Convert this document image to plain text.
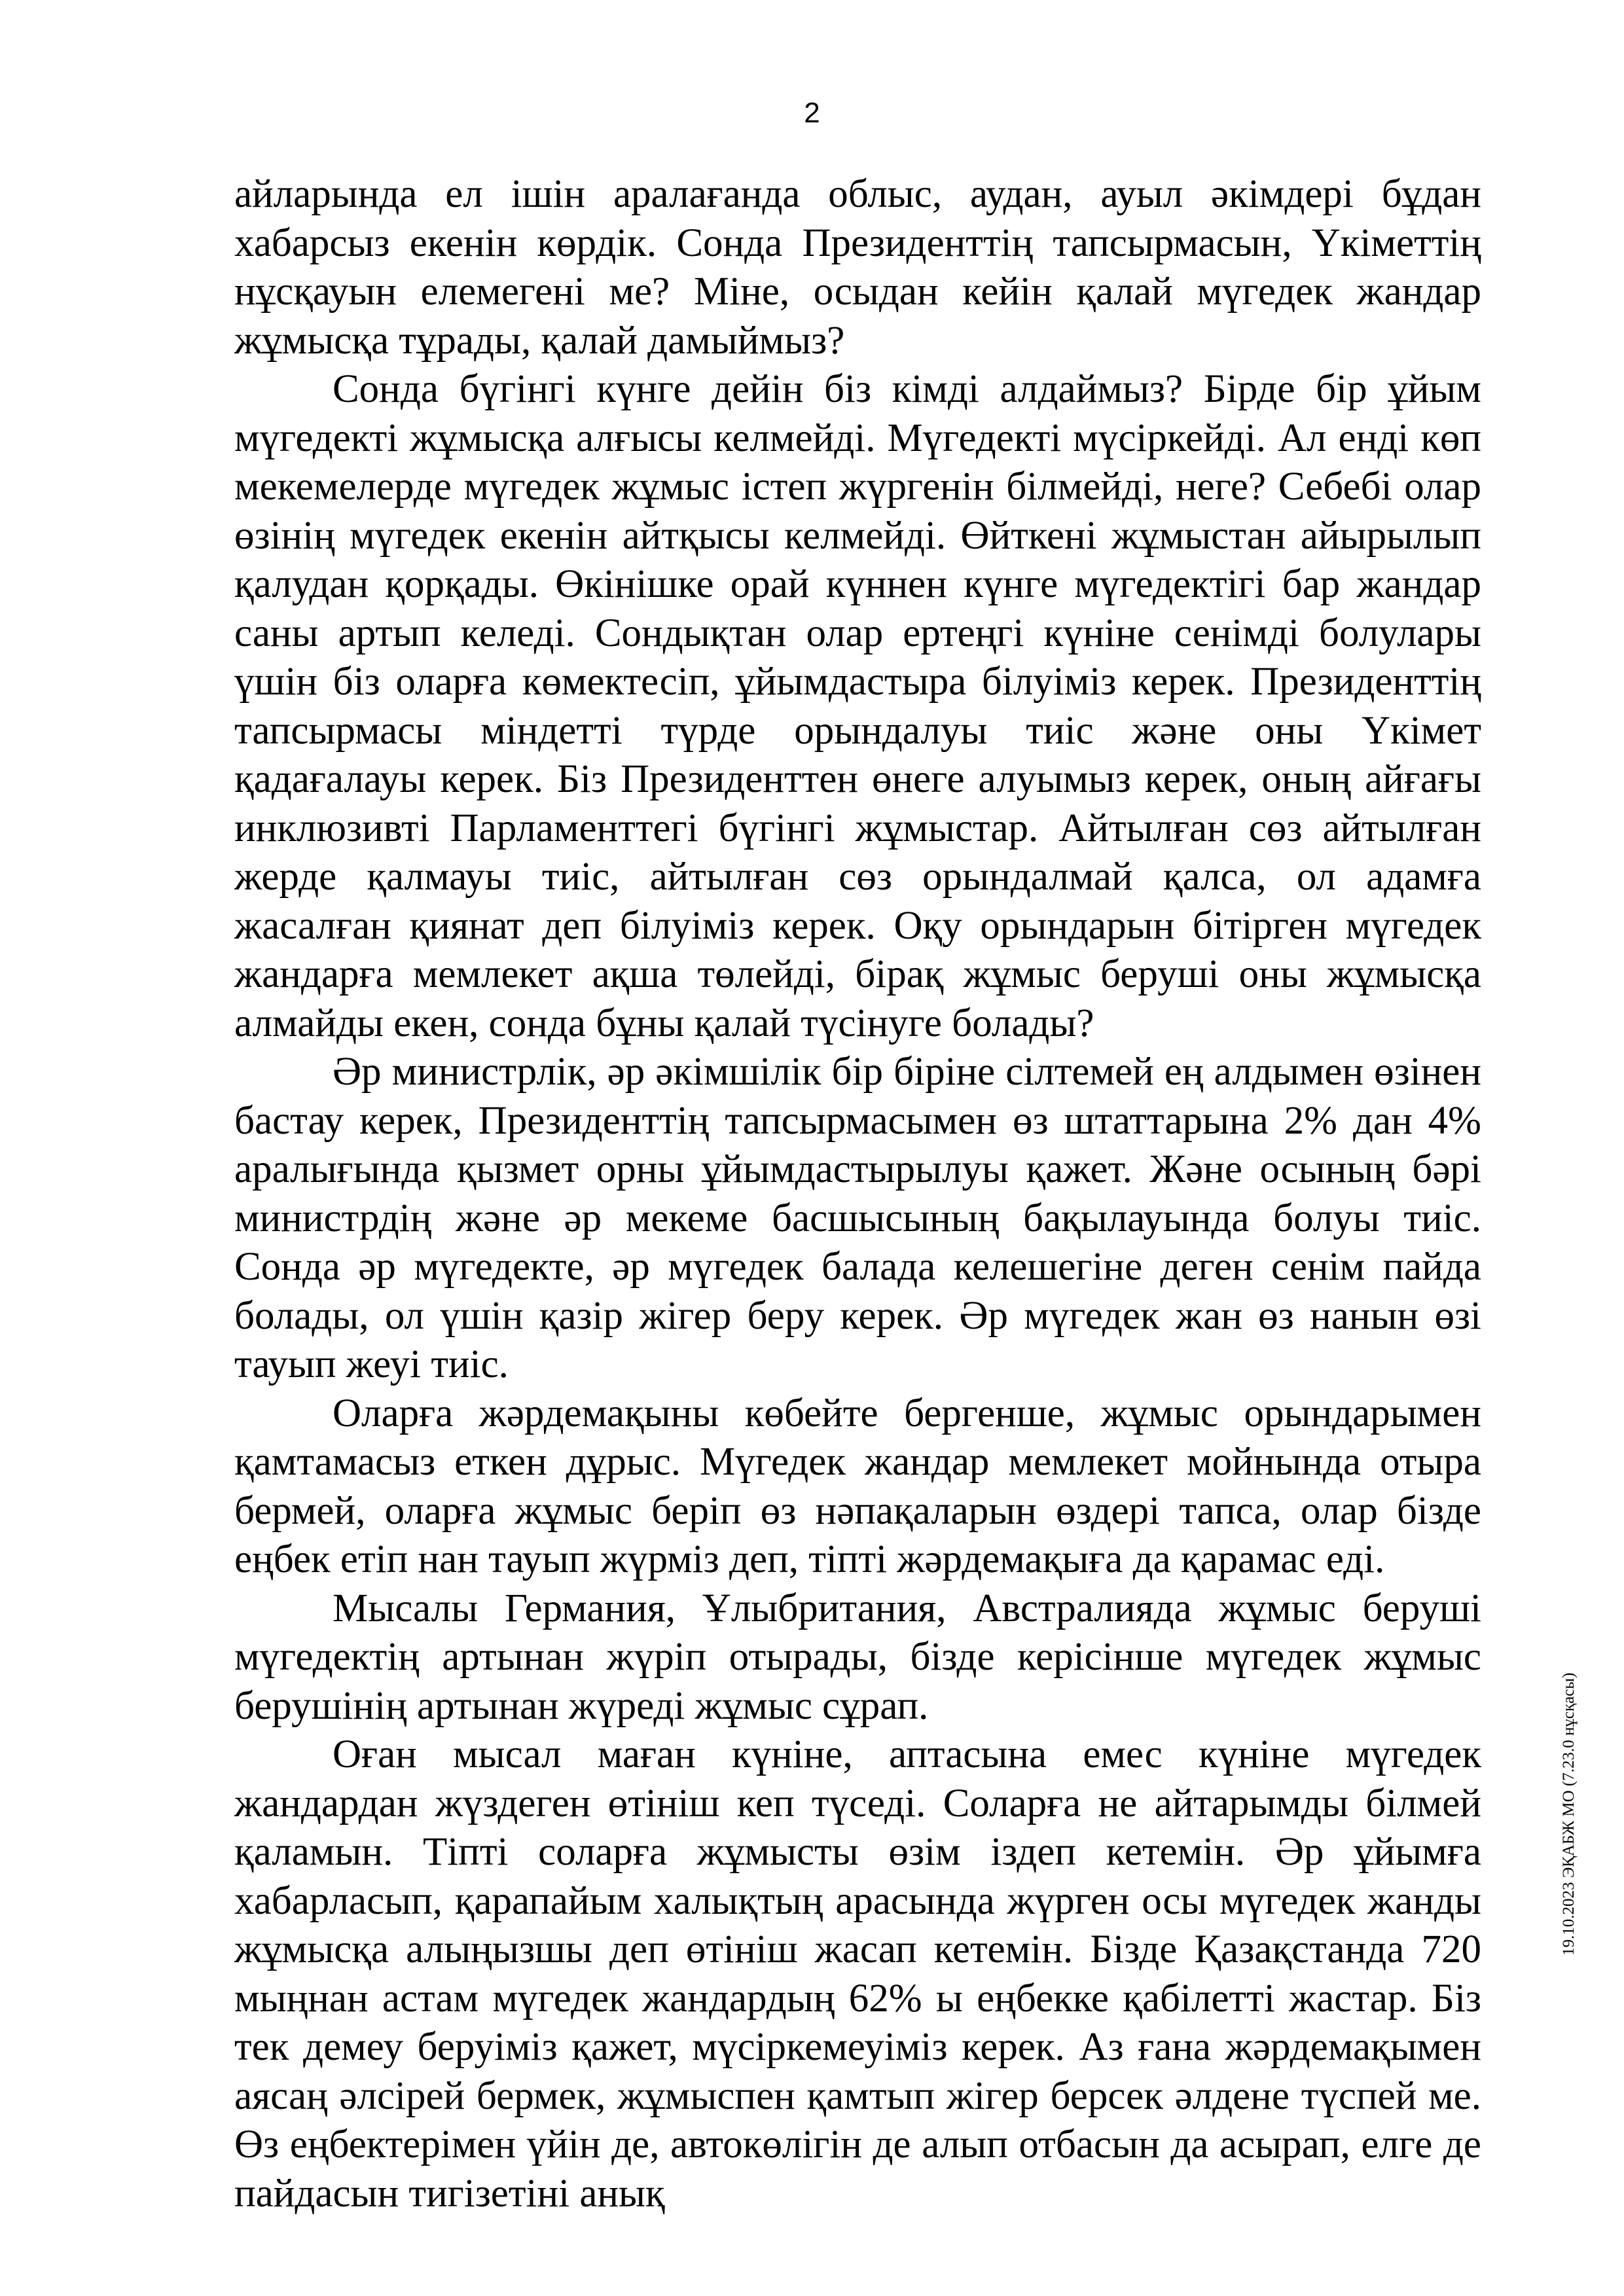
2

айларында ел ішін аралағанда облыс, аудан, ауыл әкімдері бұдан хабарсыз екенін көрдік. Сонда Президенттің тапсырмасын, Үкіметтің нұсқауын елемегені ме? Міне, осыдан кейін қалай мүгедек жандар жұмысқа тұрады, қалай дамыймыз?

Сонда бүгінгі күнге дейін біз кімді алдаймыз? Бірде бір ұйым мүгедекті жұмысқа алғысы келмейді. Мүгедекті мүсіркейді. Ал енді көп мекемелерде мүгедек жұмыс істеп жүргенін білмейді, неге? Себебі олар өзінің мүгедек екенін айтқысы келмейді. Өйткені жұмыстан айырылып қалудан қорқады. Өкінішке орай күннен күнге мүгедектігі бар жандар саны артып келеді. Сондықтан олар ертеңгі күніне сенімді болулары үшін біз оларға көмектесіп, ұйымдастыра білуіміз керек. Президенттің тапсырмасы міндетті түрде орындалуы тиіс және оны Үкімет қадағалауы керек. Біз Президенттен өнеге алуымыз керек, оның айғағы инклюзивті Парламенттегі бүгінгі жұмыстар. Айтылған сөз айтылған жерде қалмауы тиіс, айтылған сөз орындалмай қалса, ол адамға жасалған қиянат деп білуіміз керек. Оқу орындарын бітірген мүгедек жандарға мемлекет ақша төлейді, бірақ жұмыс беруші оны жұмысқа алмайды екен, сонда бұны қалай түсінуге болады?

Әр министрлік, әр әкімшілік бір біріне сілтемей ең алдымен өзінен бастау керек, Президенттің тапсырмасымен өз штаттарына 2% дан 4% аралығында қызмет орны ұйымдастырылуы қажет. Және осының бәрі министрдің және әр мекеме басшысының бақылауында болуы тиіс. Сонда әр мүгедекте, әр мүгедек балада келешегіне деген сенім пайда болады, ол үшін қазір жігер беру керек. Әр мүгедек жан өз нанын өзі тауып жеуі тиіс.

Оларға жәрдемақыны көбейте бергенше, жұмыс орындарымен қамтамасыз еткен дұрыс. Мүгедек жандар мемлекет мойнында отыра бермей, оларға жұмыс беріп өз нәпақаларын өздері тапса, олар бізде еңбек етіп нан тауып жүрміз деп, тіпті жәрдемақыға да қарамас еді.

Мысалы Германия, Ұлыбритания, Австралияда жұмыс беруші мүгедектің артынан жүріп отырады, бізде керісінше мүгедек жұмыс берушінің артынан жүреді жұмыс сұрап.

Оған мысал маған күніне, аптасына емес күніне мүгедек жандардан жүздеген өтініш кеп түседі. Соларға не айтарымды білмей қаламын. Тіпті соларға жұмысты өзім іздеп кетемін. Әр ұйымға хабарласып, қарапайым халықтың арасында жүрген осы мүгедек жанды жұмысқа алыңызшы деп өтініш жасап кетемін. Бізде Қазақстанда 720 мыңнан астам мүгедек жандардың 62% ы еңбекке қабілетті жастар. Біз тек демеу беруіміз қажет, мүсіркемеуіміз керек. Аз ғана жәрдемақымен аясаң әлсірей бермек, жұмыспен қамтып жігер берсек әлдене түспей ме. Өз еңбектерімен үйін де, автокөлігін де алып отбасын да асырап, елге де пайдасын тигізетіні анық

19.10.2023 ЭҚАБЖ МО (7.23.0 нұсқасы)
